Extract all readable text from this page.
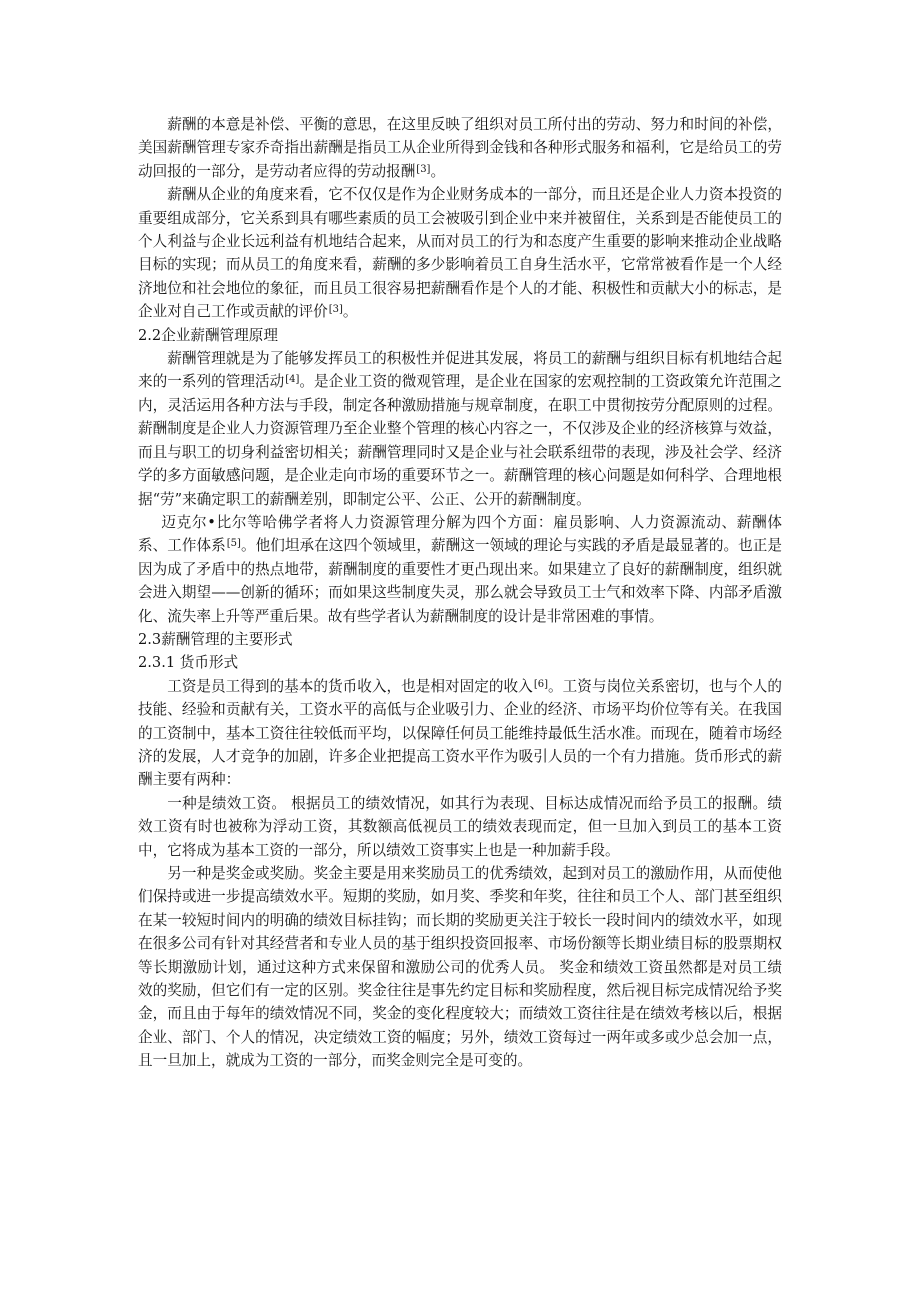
薪酬的本意是补偿、平衡的意思，在这里反映了组织对员工所付出的劳动、努力和时间的补偿，美国薪酬管理专家乔奇指出薪酬是指员工从企业所得到金钱和各种形式服务和福利，它是给员工的劳动回报的一部分，是劳动者应得的劳动报酬[3]。

薪酬从企业的角度来看，它不仅仅是作为企业财务成本的一部分，而且还是企业人力资本投资的重要组成部分，它关系到具有哪些素质的员工会被吸引到企业中来并被留住，关系到是否能使员工的个人利益与企业长远利益有机地结合起来，从而对员工的行为和态度产生重要的影响来推动企业战略目标的实现；而从员工的角度来看，薪酬的多少影响着员工自身生活水平，它常常被看作是一个人经济地位和社会地位的象征，而且员工很容易把薪酬看作是个人的才能、积极性和贡献大小的标志，是企业对自己工作或贡献的评价[3]。

2.2企业薪酬管理原理

薪酬管理就是为了能够发挥员工的积极性并促进其发展，将员工的薪酬与组织目标有机地结合起来的一系列的管理活动[4]。是企业工资的微观管理，是企业在国家的宏观控制的工资政策允许范围之内，灵活运用各种方法与手段，制定各种激励措施与规章制度，在职工中贯彻按劳分配原则的过程。薪酬制度是企业人力资源管理乃至企业整个管理的核心内容之一，不仅涉及企业的经济核算与效益，而且与职工的切身利益密切相关；薪酬管理同时又是企业与社会联系纽带的表现，涉及社会学、经济学的多方面敏感问题，是企业走向市场的重要环节之一。薪酬管理的核心问题是如何科学、合理地根据“劳”来确定职工的薪酬差别，即制定公平、公正、公开的薪酬制度。

迈克尔•比尔等哈佛学者将人力资源管理分解为四个方面：雇员影响、人力资源流动、薪酬体系、工作体系[5]。他们坦承在这四个领域里，薪酬这一领域的理论与实践的矛盾是最显著的。也正是因为成了矛盾中的热点地带，薪酬制度的重要性才更凸现出来。如果建立了良好的薪酬制度，组织就会进入期望——创新的循环；而如果这些制度失灵，那么就会导致员工士气和效率下降、内部矛盾激化、流失率上升等严重后果。故有些学者认为薪酬制度的设计是非常困难的事情。

2.3薪酬管理的主要形式

2.3.1 货币形式

工资是员工得到的基本的货币收入，也是相对固定的收入[6]。工资与岗位关系密切，也与个人的技能、经验和贡献有关，工资水平的高低与企业吸引力、企业的经济、市场平均价位等有关。在我国的工资制中，基本工资往往较低而平均，以保障任何员工能维持最低生活水准。而现在，随着市场经济的发展，人才竞争的加剧，许多企业把提高工资水平作为吸引人员的一个有力措施。货币形式的薪酬主要有两种：

一种是绩效工资。 根据员工的绩效情况，如其行为表现、目标达成情况而给予员工的报酬。绩效工资有时也被称为浮动工资，其数额高低视员工的绩效表现而定，但一旦加入到员工的基本工资中，它将成为基本工资的一部分，所以绩效工资事实上也是一种加薪手段。

另一种是奖金或奖励。奖金主要是用来奖励员工的优秀绩效，起到对员工的激励作用，从而使他们保持或进一步提高绩效水平。短期的奖励，如月奖、季奖和年奖，往往和员工个人、部门甚至组织在某一较短时间内的明确的绩效目标挂钩；而长期的奖励更关注于较长一段时间内的绩效水平，如现在很多公司有针对其经营者和专业人员的基于组织投资回报率、市场份额等长期业绩目标的股票期权等长期激励计划，通过这种方式来保留和激励公司的优秀人员。 奖金和绩效工资虽然都是对员工绩效的奖励，但它们有一定的区别。奖金往往是事先约定目标和奖励程度，然后视目标完成情况给予奖金，而且由于每年的绩效情况不同，奖金的变化程度较大；而绩效工资往往是在绩效考核以后，根据企业、部门、个人的情况，决定绩效工资的幅度；另外，绩效工资每过一两年或多或少总会加一点，且一旦加上，就成为工资的一部分，而奖金则完全是可变的。
